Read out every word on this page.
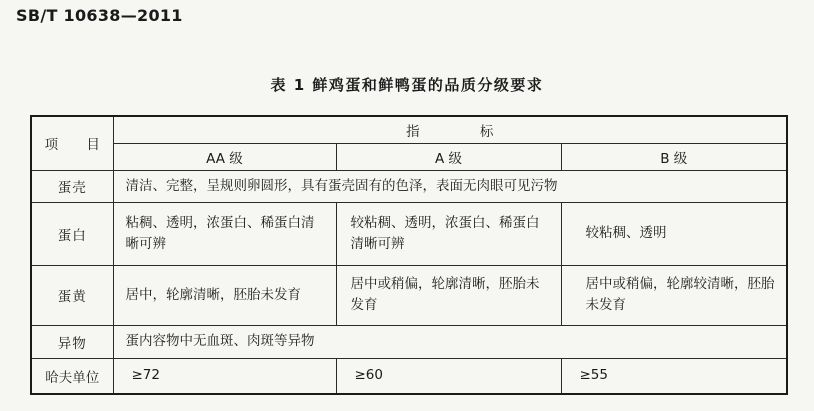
SB/T 10638—2011
表 1 鲜鸡蛋和鲜鸭蛋的品质分级要求
项 目	指 标		
	AA 级	A 级	B 级
蛋壳	清洁、完整，呈规则卵圆形，具有蛋壳固有的色泽，表面无肉眼可见污物		
蛋白	粘稠、透明，浓蛋白、稀蛋白清晰可辨	较粘稠、透明，浓蛋白、稀蛋白清晰可辨	较粘稠、透明
蛋黄	居中，轮廓清晰，胚胎未发育	居中或稍偏，轮廓清晰，胚胎未发育	居中或稍偏，轮廓较清晰，胚胎未发育
异物	蛋内容物中无血斑、肉斑等异物		
哈夫单位	≥72	≥60	≥55
